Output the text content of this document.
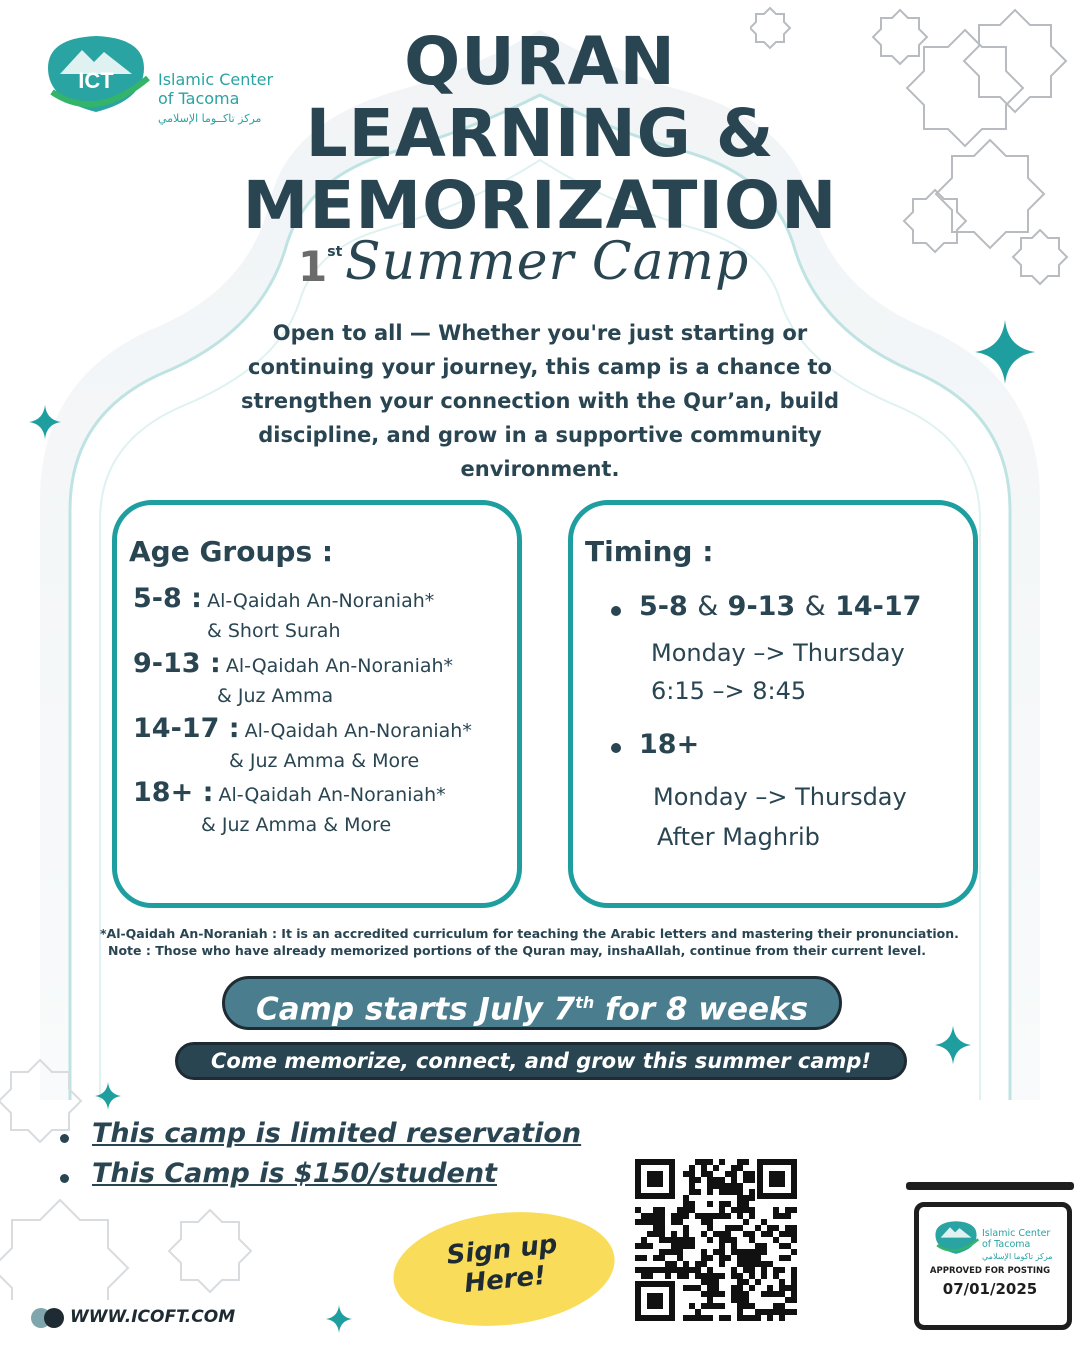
ICT	Islamic Center
of Tacoma
مركز تاكــوما الإسلامي
QURAN
LEARNING &
MEMORIZATION
1st Summer Camp
Open to all — Whether you're just starting or continuing your journey, this camp is a chance to strengthen your connection with the Qur’an, build discipline, and grow in a supportive community environment.
Age Groups :
5-8 : Al-Qaidah An-Noraniah*
& Short Surah
9-13 : Al-Qaidah An-Noraniah*
& Juz Amma
14-17 : Al-Qaidah An-Noraniah*
& Juz Amma & More
18+ : Al-Qaidah An-Noraniah*
& Juz Amma & More
Timing :
5-8 & 9-13 & 14-17
Monday –> Thursday
6:15 –> 8:45
18+
Monday –> Thursday
After Maghrib
*Al-Qaidah An-Noraniah : It is an accredited curriculum for teaching the Arabic letters and mastering their pronunciation.
Note : Those who have already memorized portions of the Quran may, inshaAllah, continue from their current level.
Camp starts July 7th for 8 weeks
Come memorize, connect, and grow this summer camp!
This camp is limited reservation
This Camp is $150/student
Sign up
Here!
WWW.ICOFT.COM
Islamic Center
of Tacoma
مركز تاكوما الإسلامي
APPROVED FOR POSTING
07/01/2025
